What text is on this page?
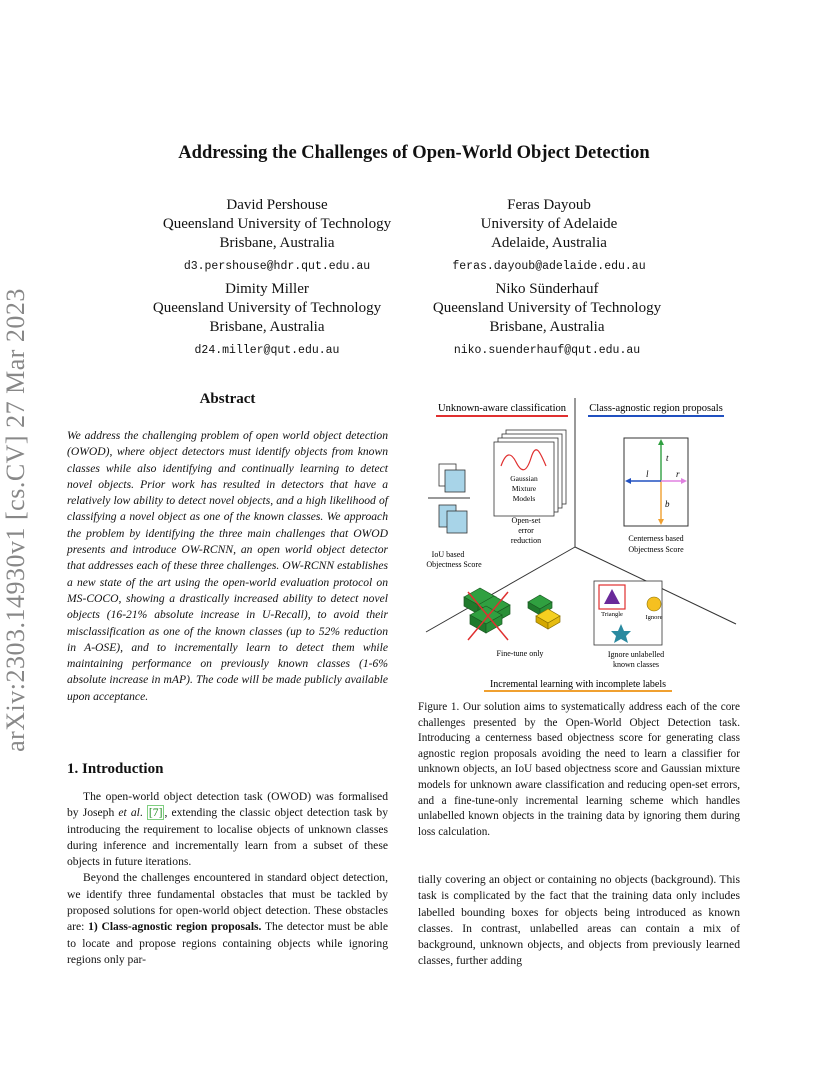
arXiv:2303.14930v1 [cs.CV] 27 Mar 2023
Addressing the Challenges of Open-World Object Detection
David Pershouse
Queensland University of Technology
Brisbane, Australia
d3.pershouse@hdr.qut.edu.au
Feras Dayoub
University of Adelaide
Adelaide, Australia
feras.dayoub@adelaide.edu.au
Dimity Miller
Queensland University of Technology
Brisbane, Australia
d24.miller@qut.edu.au
Niko Sünderhauf
Queensland University of Technology
Brisbane, Australia
niko.suenderhauf@qut.edu.au
Abstract
We address the challenging problem of open world object detection (OWOD), where object detectors must identify objects from known classes while also identifying and continually learning to detect novel objects. Prior work has resulted in detectors that have a relatively low ability to detect novel objects, and a high likelihood of classifying a novel object as one of the known classes. We approach the problem by identifying the three main challenges that OWOD presents and introduce OW-RCNN, an open world object detector that addresses each of these three challenges. OW-RCNN establishes a new state of the art using the open-world evaluation protocol on MS-COCO, showing a drastically increased ability to detect novel objects (16-21% absolute increase in U-Recall), to avoid their misclassification as one of the known classes (up to 52% reduction in A-OSE), and to incrementally learn to detect them while maintaining performance on previously known classes (1-6% absolute increase in mAP). The code will be made publicly available upon acceptance.
1. Introduction

The open-world object detection task (OWOD) was formalised by Joseph et al. [7] , extending the classic object detection task by introducing the requirement to localise objects of unknown classes during inference and incrementally learn from a subset of these objects in future iterations.

Beyond the challenges encountered in standard object detection, we identify three fundamental obstacles that must be tackled by proposed solutions for open-world object detection. These obstacles are: 1) Class-agnostic region proposals. The detector must be able to locate and propose regions containing objects while ignoring regions only par-

Unknown-aware classification Class-agnostic region proposals
IoU based
Objectness Score
Gaussian
Mixture
Models
Open-set
error
reduction
t
l	r
b
Centerness based
Objectness Score
Fine-tune only
Triangle	Ignore
Ignore unlabelled
known classes
Incremental learning with incomplete labels
Figure 1. Our solution aims to systematically address each of the core challenges presented by the Open-World Object Detection task. Introducing a centerness based objectness score for generating class agnostic region proposals avoiding the need to learn a classifier for unknown objects, an IoU based objectness score and Gaussian mixture models for unknown aware classification and reducing open-set errors, and a fine-tune-only incremental learning scheme which handles unlabelled known objects in the training data by ignoring them during loss calculation.
tially covering an object or containing no objects (background). This task is complicated by the fact that the training data only includes labelled bounding boxes for objects being introduced as known classes. In contrast, unlabelled areas can contain a mix of background, unknown objects, and objects from previously learned classes, further adding
